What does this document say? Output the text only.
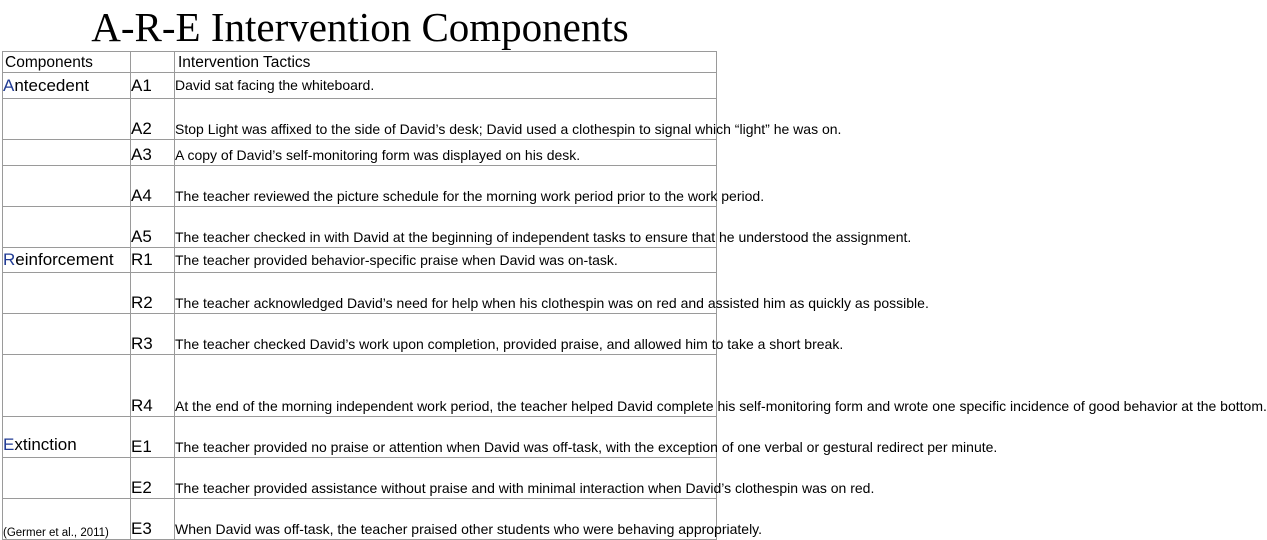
A-R-E Intervention Components
Components		Intervention Tactics
Antecedent	A1	David sat facing the whiteboard.
	A2	Stop Light was affixed to the side of David’s desk; David used a clothespin to signal which “light” he was on.
	A3	A copy of David’s self-monitoring form was displayed on his desk.
	A4	The teacher reviewed the picture schedule for the morning work period prior to the work period.
	A5	The teacher checked in with David at the beginning of independent tasks to ensure that he understood the assignment.
Reinforcement	R1	The teacher provided behavior-specific praise when David was on-task.
	R2	The teacher acknowledged David’s need for help when his clothespin was on red and assisted him as quickly as possible.
	R3	The teacher checked David’s work upon completion, provided praise, and allowed him to take a short break.
	R4	At the end of the morning independent work period, the teacher helped David complete his self-monitoring form and wrote one specific incidence of good behavior at the bottom.
Extinction	E1	The teacher provided no praise or attention when David was off-task, with the exception of one verbal or gestural redirect per minute.
	E2	The teacher provided assistance without praise and with minimal interaction when David’s clothespin was on red.
(Germer et al., 2011)	E3	When David was off-task, the teacher praised other students who were behaving appropriately.
